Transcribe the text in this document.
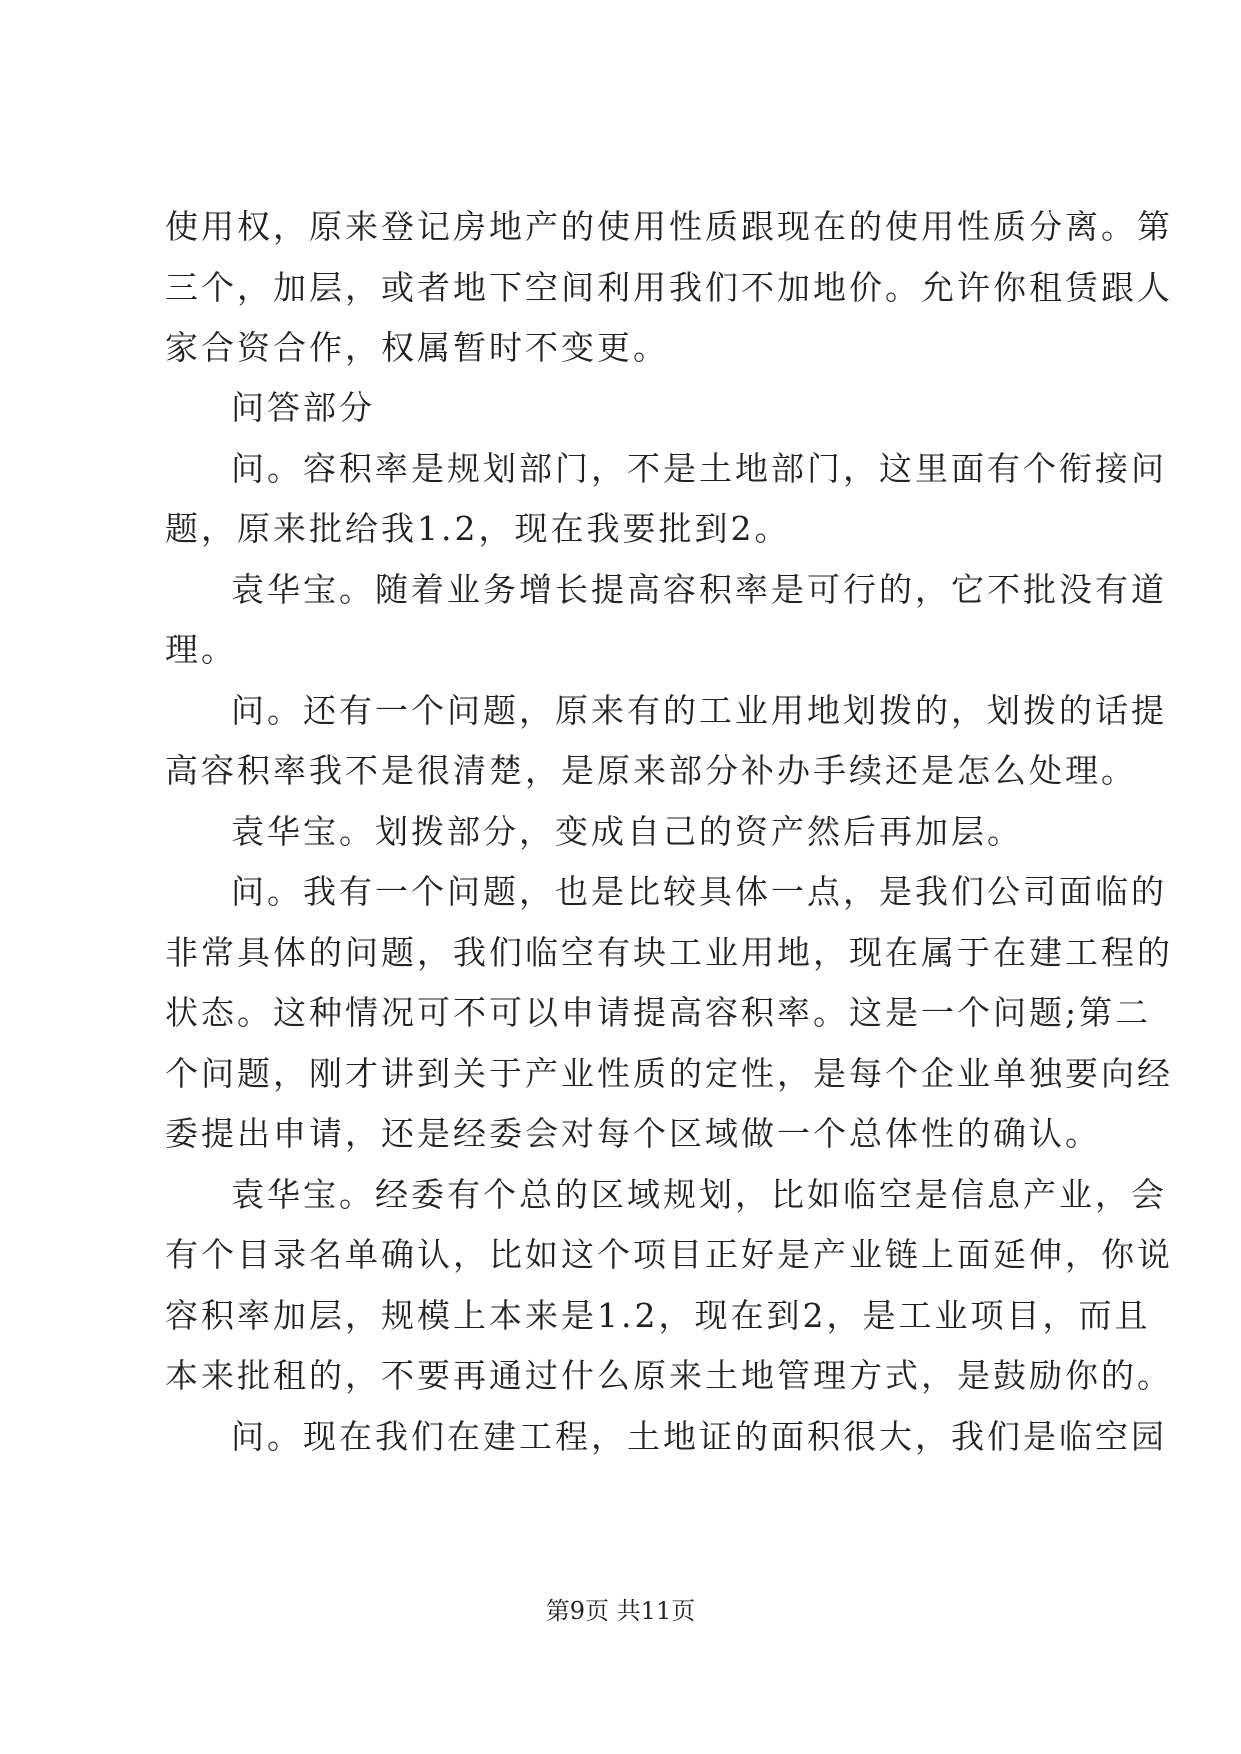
使用权，原来登记房地产的使用性质跟现在的使用性质分离。第
三个，加层，或者地下空间利用我们不加地价。允许你租赁跟人
家合资合作，权属暂时不变更。
问答部分
问。容积率是规划部门，不是土地部门，这里面有个衔接问
题，原来批给我1.2，现在我要批到2。
袁华宝。随着业务增长提高容积率是可行的，它不批没有道
理。
问。还有一个问题，原来有的工业用地划拨的，划拨的话提
高容积率我不是很清楚，是原来部分补办手续还是怎么处理。
袁华宝。划拨部分，变成自己的资产然后再加层。
问。我有一个问题，也是比较具体一点，是我们公司面临的
非常具体的问题，我们临空有块工业用地，现在属于在建工程的
状态。这种情况可不可以申请提高容积率。这是一个问题;第二
个问题，刚才讲到关于产业性质的定性，是每个企业单独要向经
委提出申请，还是经委会对每个区域做一个总体性的确认。
袁华宝。经委有个总的区域规划，比如临空是信息产业，会
有个目录名单确认，比如这个项目正好是产业链上面延伸，你说
容积率加层，规模上本来是1.2，现在到2，是工业项目，而且
本来批租的，不要再通过什么原来土地管理方式，是鼓励你的。
问。现在我们在建工程，土地证的面积很大，我们是临空园
第9页 共11页
